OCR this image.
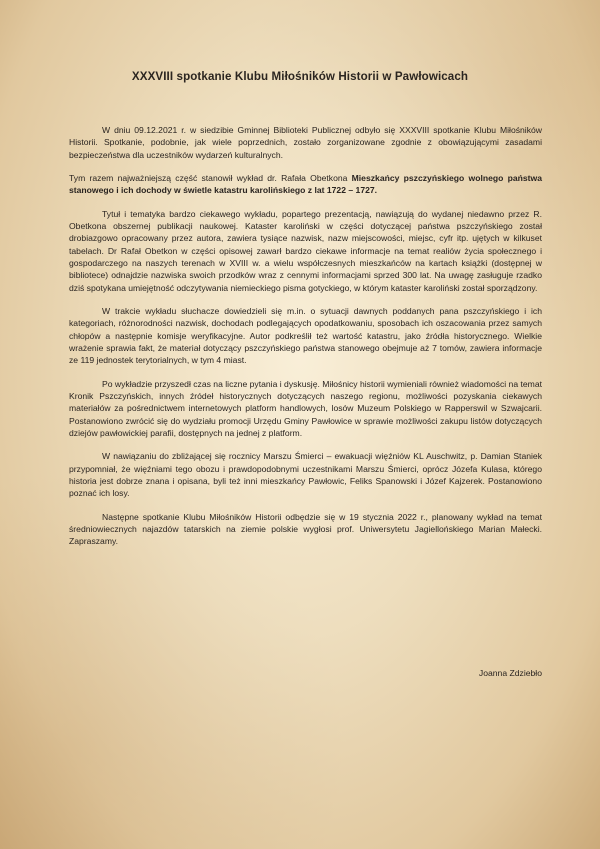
XXXVIII spotkanie Klubu Miłośników Historii w Pawłowicach

W dniu 09.12.2021 r. w siedzibie Gminnej Biblioteki Publicznej odbyło się XXXVIII spotkanie Klubu Miłośników Historii. Spotkanie, podobnie, jak wiele poprzednich, zostało zorganizowane zgodnie z obowiązującymi zasadami bezpieczeństwa dla uczestników wydarzeń kulturalnych.

Tym razem najważniejszą część stanowił wykład dr. Rafała Obetkona Mieszkańcy pszczyńskiego wolnego państwa stanowego i ich dochody w świetle katastru karolińskiego z lat 1722 – 1727.

Tytuł i tematyka bardzo ciekawego wykładu, popartego prezentacją, nawiązują do wydanej niedawno przez R. Obetkona obszernej publikacji naukowej. Kataster karoliński w części dotyczącej państwa pszczyńskiego został drobiazgowo opracowany przez autora, zawiera tysiące nazwisk, nazw miejscowości, miejsc, cyfr itp. ujętych w kilkuset tabelach. Dr Rafał Obetkon w części opisowej zawarł bardzo ciekawe informacje na temat realiów życia społecznego i gospodarczego na naszych terenach w XVIII w. a wielu współczesnych mieszkańców na kartach książki (dostępnej w bibliotece) odnajdzie nazwiska swoich przodków wraz z cennymi informacjami sprzed 300 lat. Na uwagę zasługuje rzadko dziś spotykana umiejętność odczytywania niemieckiego pisma gotyckiego, w którym kataster karoliński został sporządzony.

W trakcie wykładu słuchacze dowiedzieli się m.in. o sytuacji dawnych poddanych pana pszczyńskiego i ich kategoriach, różnorodności nazwisk, dochodach podlegających opodatkowaniu, sposobach ich oszacowania przez samych chłopów a następnie komisje weryfikacyjne. Autor podkreślił też wartość katastru, jako źródła historycznego. Wielkie wrażenie sprawia fakt, że materiał dotyczący pszczyńskiego państwa stanowego obejmuje aż 7 tomów, zawiera informacje ze 119 jednostek terytorialnych, w tym 4 miast.

Po wykładzie przyszedł czas na liczne pytania i dyskusję. Miłośnicy historii wymieniali również wiadomości na temat Kronik Pszczyńskich, innych źródeł historycznych dotyczących naszego regionu, możliwości pozyskania ciekawych materiałów za pośrednictwem internetowych platform handlowych, losów Muzeum Polskiego w Rapperswil w Szwajcarii. Postanowiono zwrócić się do wydziału promocji Urzędu Gminy Pawłowice w sprawie możliwości zakupu listów dotyczących dziejów pawłowickiej parafii, dostępnych na jednej z platform.

W nawiązaniu do zbliżającej się rocznicy Marszu Śmierci – ewakuacji więźniów KL Auschwitz, p. Damian Staniek przypomniał, że więźniami tego obozu i prawdopodobnymi uczestnikami Marszu Śmierci, oprócz Józefa Kulasa, którego historia jest dobrze znana i opisana, byli też inni mieszkańcy Pawłowic, Feliks Spanowski i Józef Kajzerek. Postanowiono poznać ich losy.

Następne spotkanie Klubu Miłośników Historii odbędzie się w 19 stycznia 2022 r., planowany wykład na temat średniowiecznych najazdów tatarskich na ziemie polskie wygłosi prof. Uniwersytetu Jagiellońskiego Marian Małecki. Zapraszamy.

Joanna Zdziebło
